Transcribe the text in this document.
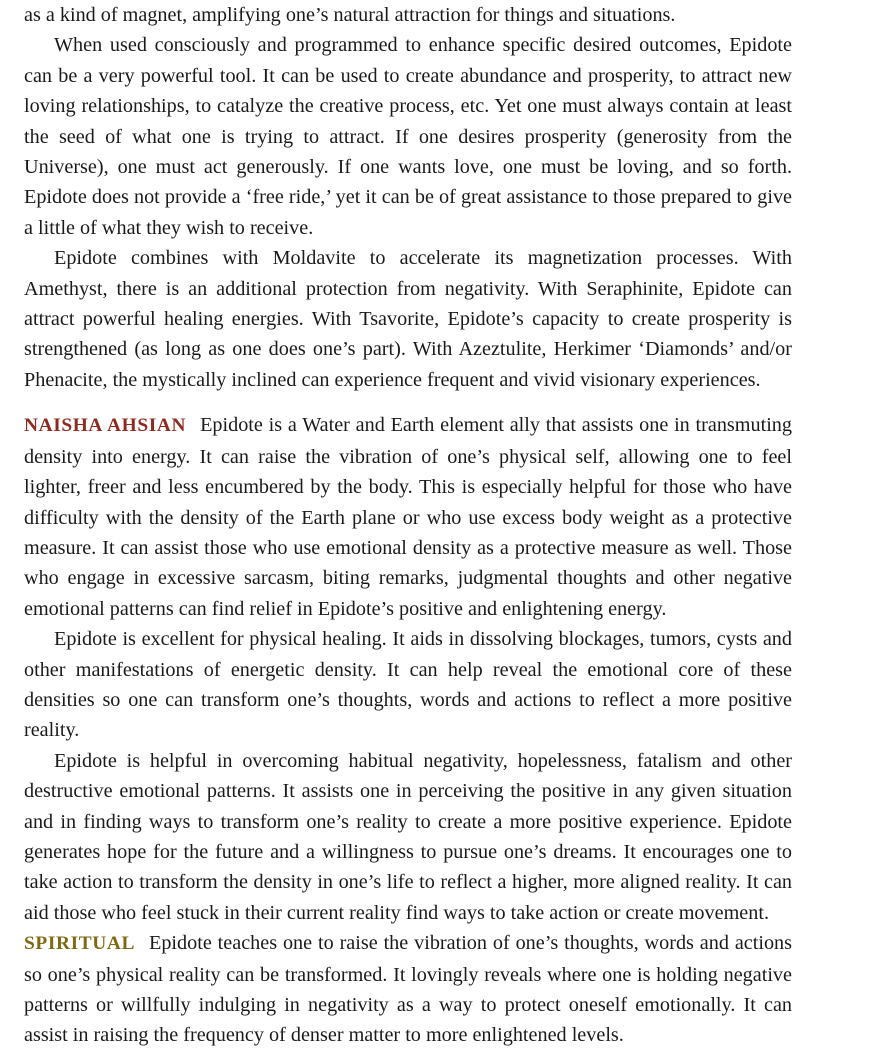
as a kind of magnet, amplifying one’s natural attraction for things and situations.

When used consciously and programmed to enhance specific desired outcomes, Epidote can be a very powerful tool. It can be used to create abundance and prosperity, to attract new loving relationships, to catalyze the creative process, etc. Yet one must always contain at least the seed of what one is trying to attract. If one desires prosperity (generosity from the Universe), one must act generously. If one wants love, one must be loving, and so forth. Epidote does not provide a ‘free ride,’ yet it can be of great assistance to those prepared to give a little of what they wish to receive.

Epidote combines with Moldavite to accelerate its magnetization processes. With Amethyst, there is an additional protection from negativity. With Seraphinite, Epidote can attract powerful healing energies. With Tsavorite, Epidote’s capacity to create prosperity is strengthened (as long as one does one’s part). With Azeztulite, Herkimer ‘Diamonds’ and/or Phenacite, the mystically inclined can experience frequent and vivid visionary experiences.

NAISHA AHSIAN Epidote is a Water and Earth element ally that assists one in transmuting density into energy. It can raise the vibration of one’s physical self, allowing one to feel lighter, freer and less encumbered by the body. This is especially helpful for those who have difficulty with the density of the Earth plane or who use excess body weight as a protective measure. It can assist those who use emotional density as a protective measure as well. Those who engage in excessive sarcasm, biting remarks, judgmental thoughts and other negative emotional patterns can find relief in Epidote’s positive and enlightening energy.

Epidote is excellent for physical healing. It aids in dissolving blockages, tumors, cysts and other manifestations of energetic density. It can help reveal the emotional core of these densities so one can transform one’s thoughts, words and actions to reflect a more positive reality.

Epidote is helpful in overcoming habitual negativity, hopelessness, fatalism and other destructive emotional patterns. It assists one in perceiving the positive in any given situation and in finding ways to transform one’s reality to create a more positive experience. Epidote generates hope for the future and a willingness to pursue one’s dreams. It encourages one to take action to transform the density in one’s life to reflect a higher, more aligned reality. It can aid those who feel stuck in their current reality find ways to take action or create movement.

SPIRITUAL Epidote teaches one to raise the vibration of one’s thoughts, words and actions so one’s physical reality can be transformed. It lovingly reveals where one is holding negative patterns or willfully indulging in negativity as a way to protect oneself emotionally. It can assist in raising the frequency of denser matter to more enlightened levels.
